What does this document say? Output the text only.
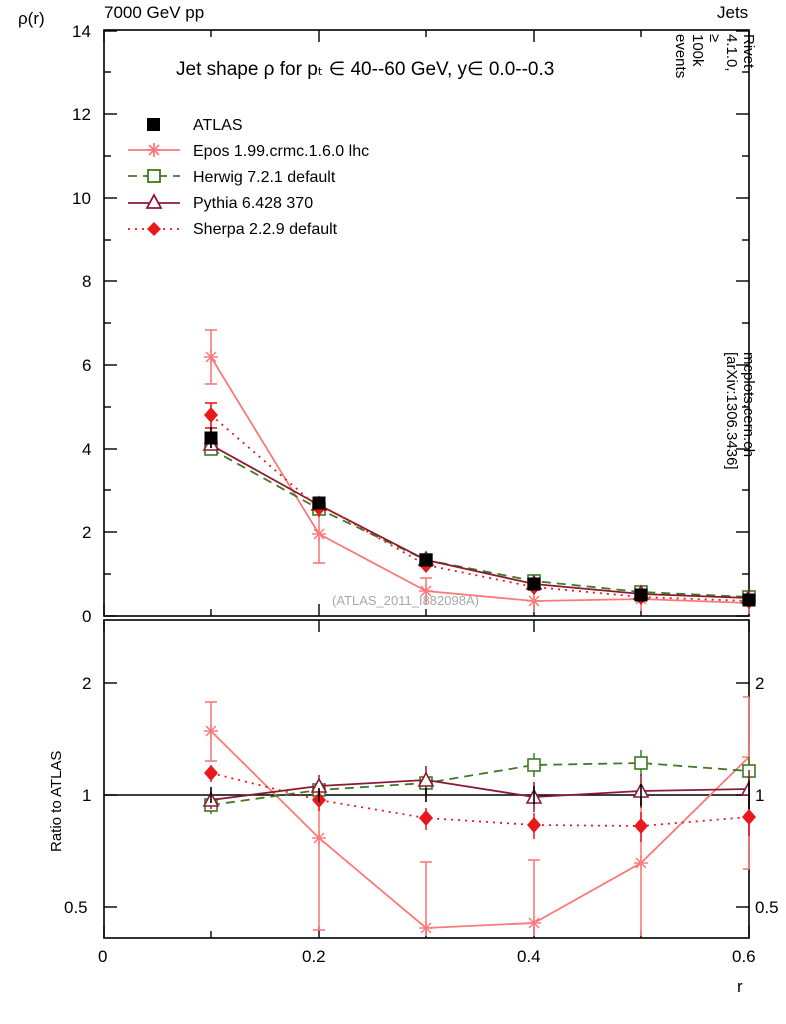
7000 GeV pp	Jets
ρ(r)
Rivet 4.1.0, ≥ 100k events
mcplots.cern.ch [arXiv:1306.3436]
Jet shape ρ for pₜ ∈ 40--60 GeV, y∈ 0.0--0.3
0
2
4
6
8
10
12
14
0.5
1
2
0.5
1
2
0	0.2	0.4	0.6
r
Ratio to ATLAS
ATLAS
Epos 1.99.crmc.1.6.0 lhc
Herwig 7.2.1 default
Pythia 6.428 370
Sherpa 2.2.9 default
(ATLAS_2011_I882098A)
